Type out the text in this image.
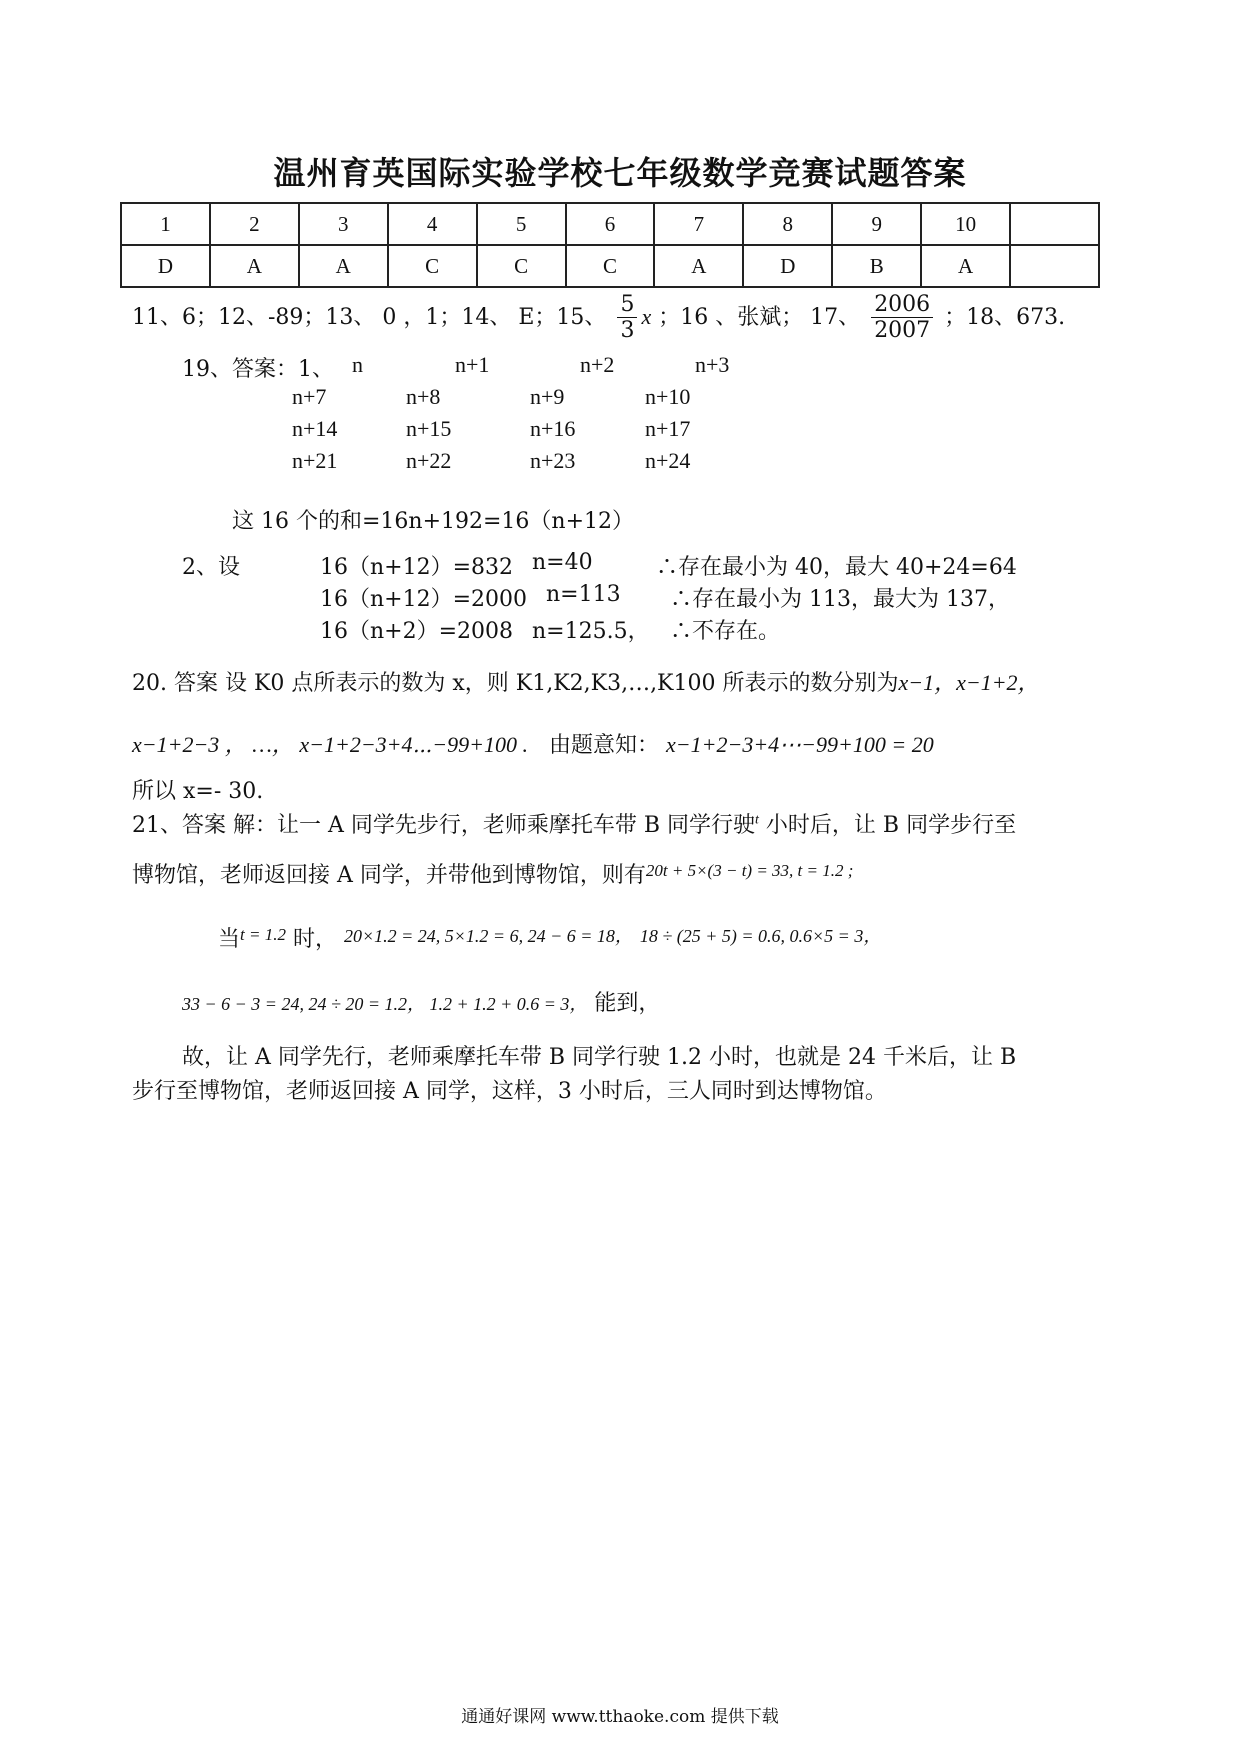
温州育英国际实验学校七年级数学竞赛试题答案
1	2	3	4	5	6	7	8	9	10	
D	A	A	C	C	C	A	D	B	A	
11、6；12、-89；13、 0 ，1；14、 E；15、 $\frac{5}{3}$ x ；16 、张斌； 17、 $\frac{2006}{2007}$ ；18、673.
19、答案：1、 n	n+1	n+2	n+3
n+7	n+8	n+9	n+10
n+14	n+15	n+16	n+17
n+21	n+22	n+23	n+24
这 16 个的和=16n+192=16（n+12）
2、设	16（n+12）=832 n=40	∴存在最小为 40，最大 40+24=64
16（n+12）=2000 n=113 ∴存在最小为 113，最大为 137，
16（n+2）=2008 n=125.5， ∴不存在。
20. 答案 设 K0 点所表示的数为 x，则 K1,K2,K3,…,K100 所表示的数分别为x−1，x−1+2，
x−1+2−3 ， …， x−1+2−3+4⋯−99+100 . 由题意知： x−1+2−3+4⋯−99+100 = 20
所以 x=- 30.
21、答案 解：让一 A 同学先步行，老师乘摩托车带 B 同学行驶$^t$ 小时后，让 B 同学步行至
博物馆，老师返回接 A 同学，并带他到博物馆，则有$^{20t + 5\times(3 - t) = 33, t = 1.2 ;}$
当$^{t = 1.2}$ 时， 20×1.2 = 24, 5×1.2 = 6, 24 − 6 = 18， 18 ÷ (25 + 5) = 0.6, 0.6×5 = 3，
33 − 6 − 3 = 24, 24 ÷ 20 = 1.2， 1.2 + 1.2 + 0.6 = 3， 能到，
故，让 A 同学先行，老师乘摩托车带 B 同学行驶 1.2 小时，也就是 24 千米后，让 B
步行至博物馆，老师返回接 A 同学，这样，3 小时后，三人同时到达博物馆。
通通好课网 www.tthaoke.com 提供下载
